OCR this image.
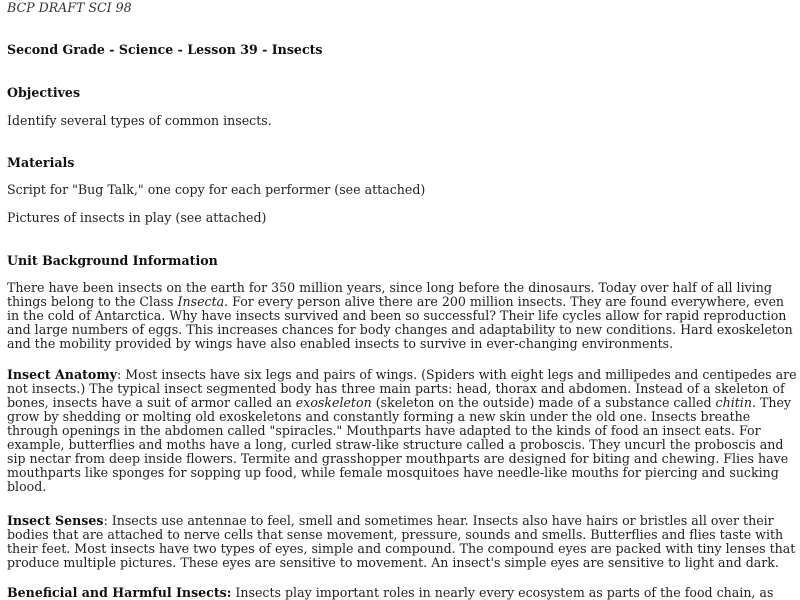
BCP DRAFT SCI 98
Second Grade - Science - Lesson 39 - Insects
Objectives

Identify several types of common insects.

Materials

Script for "Bug Talk," one copy for each performer (see attached)

Pictures of insects in play (see attached)

Unit Background Information

There have been insects on the earth for 350 million years, since long before the dinosaurs. Today over half of all living things belong to the Class Insecta. For every person alive there are 200 million insects. They are found everywhere, even in the cold of Antarctica. Why have insects survived and been so successful? Their life cycles allow for rapid reproduction and large numbers of eggs. This increases chances for body changes and adaptability to new conditions. Hard exoskeleton and the mobility provided by wings have also enabled insects to survive in ever-changing environments.

Insect Anatomy: Most insects have six legs and pairs of wings. (Spiders with eight legs and millipedes and centipedes are not insects.) The typical insect segmented body has three main parts: head, thorax and abdomen. Instead of a skeleton of bones, insects have a suit of armor called an exoskeleton (skeleton on the outside) made of a substance called chitin. They grow by shedding or molting old exoskeletons and constantly forming a new skin under the old one. Insects breathe through openings in the abdomen called "spiracles." Mouthparts have adapted to the kinds of food an insect eats. For example, butterflies and moths have a long, curled straw-like structure called a proboscis. They uncurl the proboscis and sip nectar from deep inside flowers. Termite and grasshopper mouthparts are designed for biting and chewing. Flies have mouthparts like sponges for sopping up food, while female mosquitoes have needle-like mouths for piercing and sucking blood.

Insect Senses: Insects use antennae to feel, smell and sometimes hear. Insects also have hairs or bristles all over their bodies that are attached to nerve cells that sense movement, pressure, sounds and smells. Butterflies and flies taste with their feet. Most insects have two types of eyes, simple and compound. The compound eyes are packed with tiny lenses that produce multiple pictures. These eyes are sensitive to movement. An insect's simple eyes are sensitive to light and dark.

Beneficial and Harmful Insects: Insects play important roles in nearly every ecosystem as parts of the food chain, as
